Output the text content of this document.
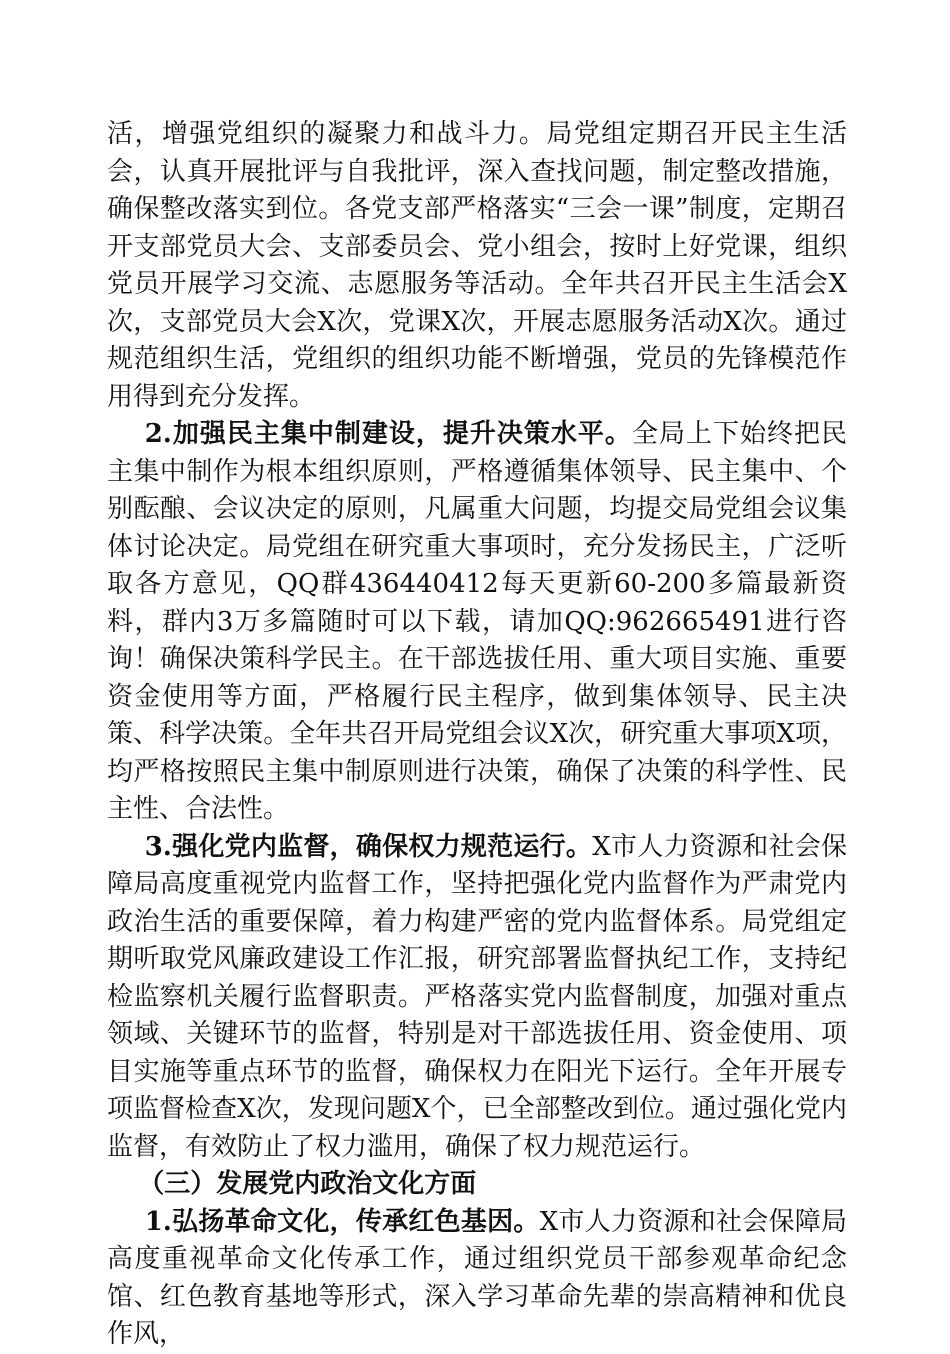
活，增强党组织的凝聚力和战斗力。局党组定期召开民主生活会，认真开展批评与自我批评，深入查找问题，制定整改措施，确保整改落实到位。各党支部严格落实“三会一课”制度，定期召开支部党员大会、支部委员会、党小组会，按时上好党课，组织党员开展学习交流、志愿服务等活动。全年共召开民主生活会X次，支部党员大会X次，党课X次，开展志愿服务活动X次。通过规范组织生活，党组织的组织功能不断增强，党员的先锋模范作用得到充分发挥。

2.加强民主集中制建设，提升决策水平。全局上下始终把民主集中制作为根本组织原则，严格遵循集体领导、民主集中、个别酝酿、会议决定的原则，凡属重大问题，均提交局党组会议集体讨论决定。局党组在研究重大事项时，充分发扬民主，广泛听取各方意见，QQ群436440412每天更新60-200多篇最新资料，群内3万多篇随时可以下载，请加QQ:962665491进行咨询！确保决策科学民主。在干部选拔任用、重大项目实施、重要资金使用等方面，严格履行民主程序，做到集体领导、民主决策、科学决策。全年共召开局党组会议X次，研究重大事项X项，均严格按照民主集中制原则进行决策，确保了决策的科学性、民主性、合法性。

3.强化党内监督，确保权力规范运行。X市人力资源和社会保障局高度重视党内监督工作，坚持把强化党内监督作为严肃党内政治生活的重要保障，着力构建严密的党内监督体系。局党组定期听取党风廉政建设工作汇报，研究部署监督执纪工作，支持纪检监察机关履行监督职责。严格落实党内监督制度，加强对重点领域、关键环节的监督，特别是对干部选拔任用、资金使用、项目实施等重点环节的监督，确保权力在阳光下运行。全年开展专项监督检查X次，发现问题X个，已全部整改到位。通过强化党内监督，有效防止了权力滥用，确保了权力规范运行。

（三）发展党内政治文化方面

1.弘扬革命文化，传承红色基因。X市人力资源和社会保障局高度重视革命文化传承工作，通过组织党员干部参观革命纪念馆、红色教育基地等形式，深入学习革命先辈的崇高精神和优良作风，
